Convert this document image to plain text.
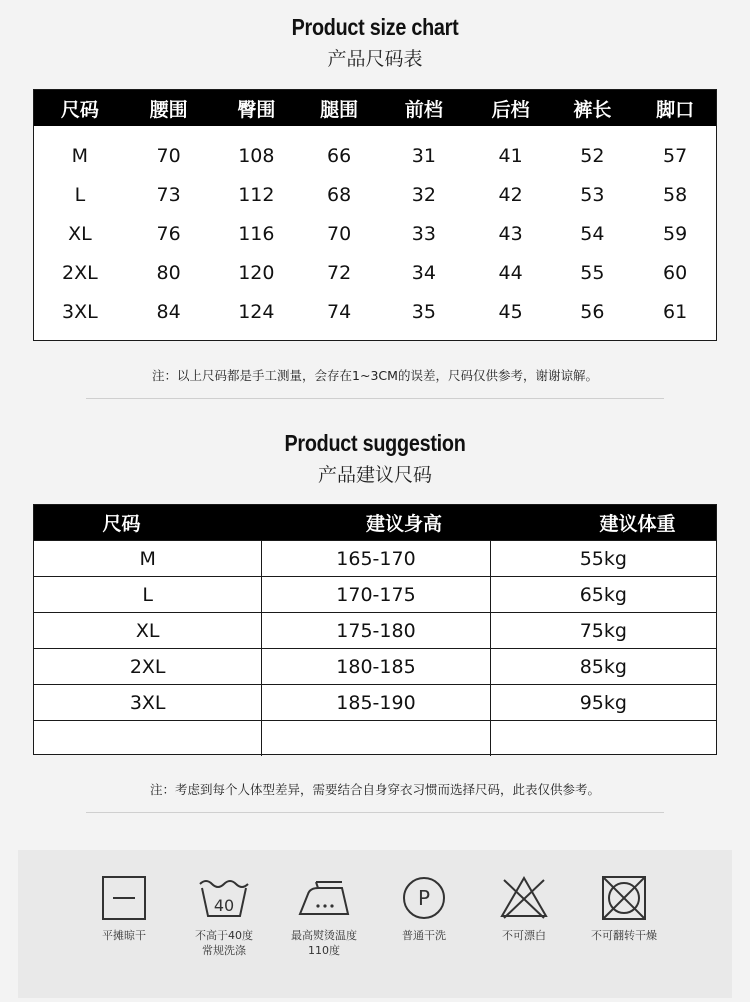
Product size chart
产品尺码表
尺码	腰围	臀围	腿围	前档	后档	裤长	脚口
M	70	108	66	31	41	52	57
L	73	112	68	32	42	53	58
XL	76	116	70	33	43	54	59
2XL	80	120	72	34	44	55	60
3XL	84	124	74	35	45	56	61
注：以上尺码都是手工测量，会存在1~3CM的误差，尺码仅供参考，谢谢谅解。
Product suggestion
产品建议尺码
尺码	建议身高	建议体重
M	165-170	55kg
L	170-175	65kg
XL	175-180	75kg
2XL	180-185	85kg
3XL	185-190	95kg
注：考虑到每个人体型差异，需要结合自身穿衣习惯而选择尺码，此表仅供参考。
平摊晾干
40
不高于40度
常规洗涤
最高熨烫温度
110度
P
普通干洗	不可漂白	不可翻转干燥
